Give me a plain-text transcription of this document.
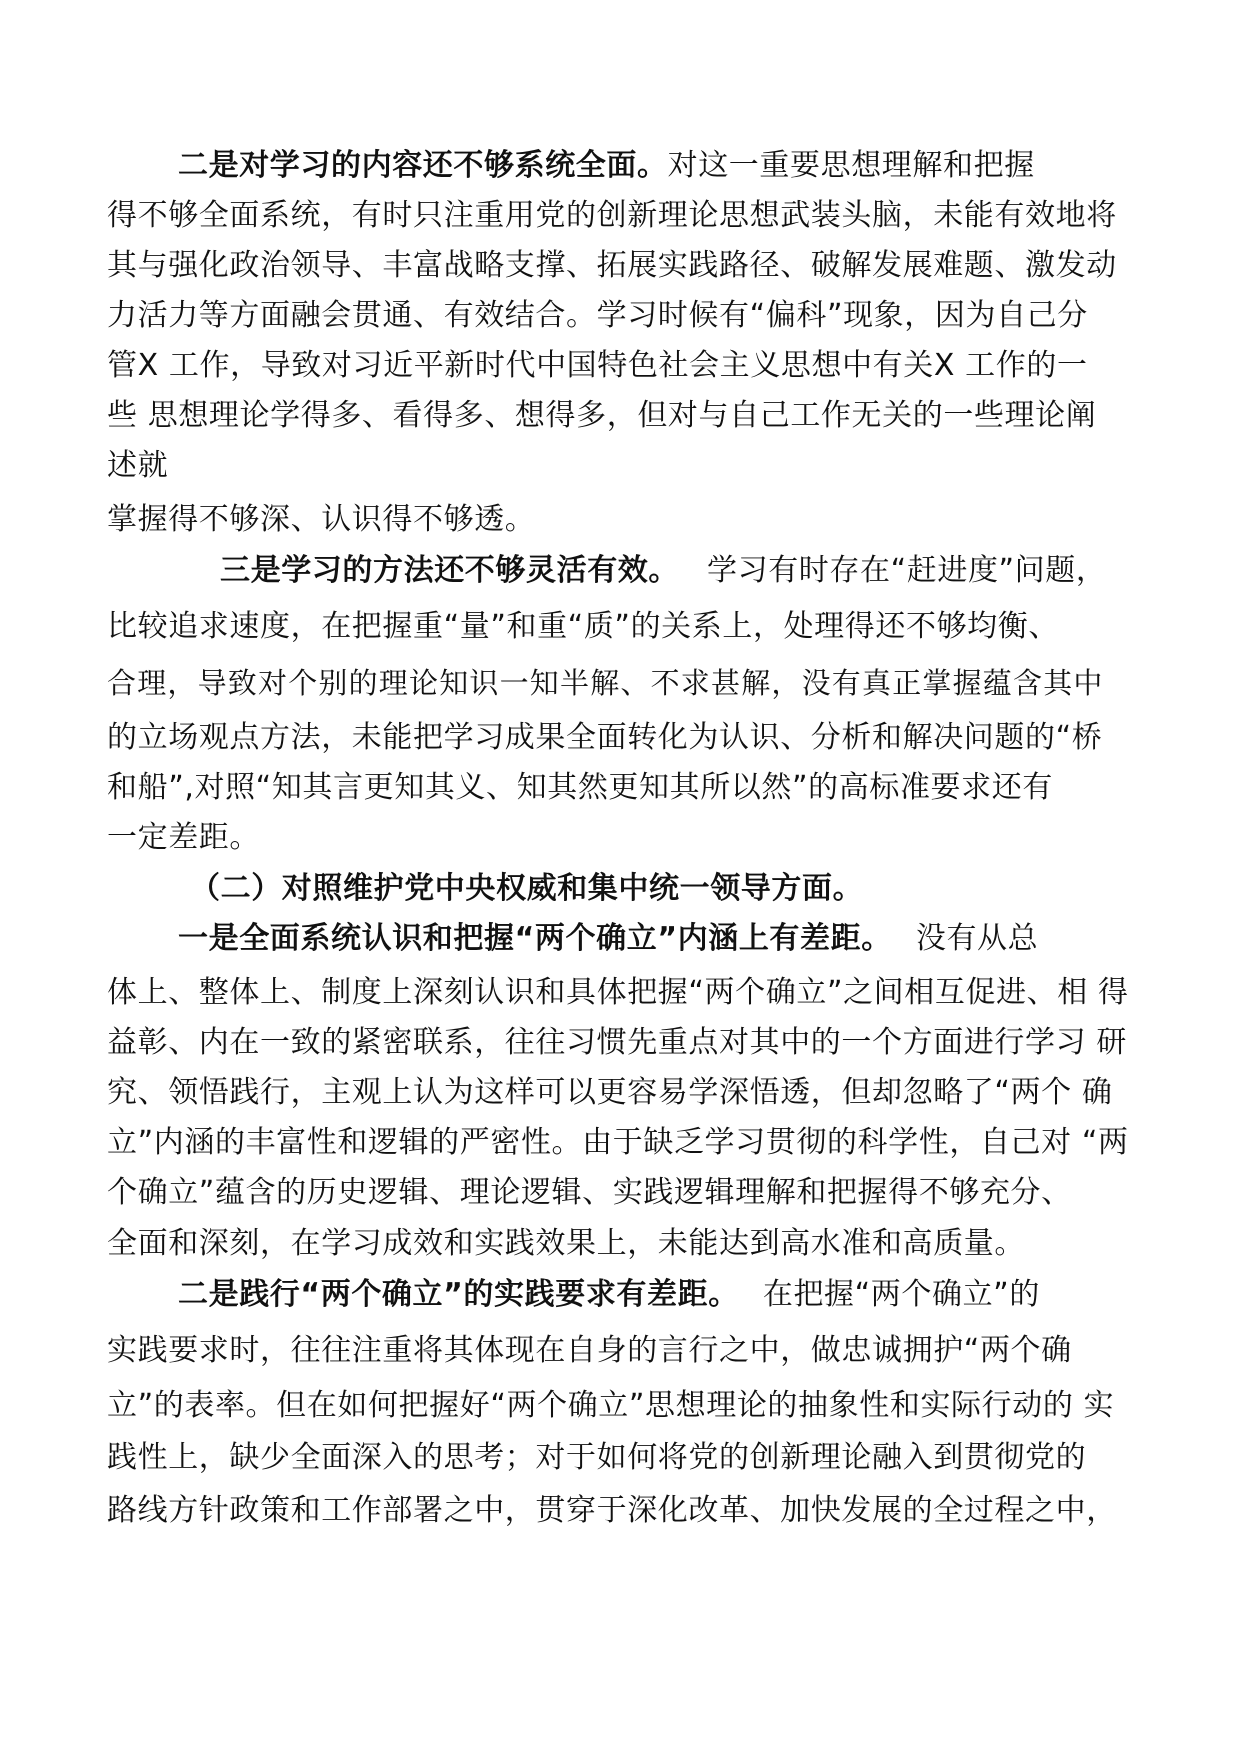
二是对学习的内容还不够系统全面。对这一重要思想理解和把握

得不够全面系统，有时只注重用党的创新理论思想武装头脑，未能有效地将

其与强化政治领导、丰富战略支撑、拓展实践路径、破解发展难题、激发动

力活力等方面融会贯通、有效结合。学习时候有“偏科”现象，因为自己分

管X 工作，导致对习近平新时代中国特色社会主义思想中有关X 工作的一

些 思想理论学得多、看得多、想得多，但对与自己工作无关的一些理论阐

述就

掌握得不够深、认识得不够透。

三是学习的方法还不够灵活有效。 学习有时存在“赶进度”问题，

比较追求速度，在把握重“量”和重“质”的关系上，处理得还不够均衡、

合理，导致对个别的理论知识一知半解、不求甚解，没有真正掌握蕴含其中

的立场观点方法，未能把学习成果全面转化为认识、分析和解决问题的“桥

和船”,对照“知其言更知其义、知其然更知其所以然”的高标准要求还有

一定差距。

（二）对照维护党中央权威和集中统一领导方面。

一是全面系统认识和把握“两个确立”内涵上有差距。 没有从总

体上、整体上、制度上深刻认识和具体把握“两个确立”之间相互促进、相 得

益彰、内在一致的紧密联系，往往习惯先重点对其中的一个方面进行学习 研

究、领悟践行，主观上认为这样可以更容易学深悟透，但却忽略了“两个 确

立”内涵的丰富性和逻辑的严密性。由于缺乏学习贯彻的科学性，自己对 “两

个确立”蕴含的历史逻辑、理论逻辑、实践逻辑理解和把握得不够充分、

全面和深刻，在学习成效和实践效果上，未能达到高水准和高质量。

二是践行“两个确立”的实践要求有差距。 在把握“两个确立”的

实践要求时，往往注重将其体现在自身的言行之中，做忠诚拥护“两个确

立”的表率。但在如何把握好“两个确立”思想理论的抽象性和实际行动的 实

践性上，缺少全面深入的思考；对于如何将党的创新理论融入到贯彻党的

路线方针政策和工作部署之中，贯穿于深化改革、加快发展的全过程之中，
